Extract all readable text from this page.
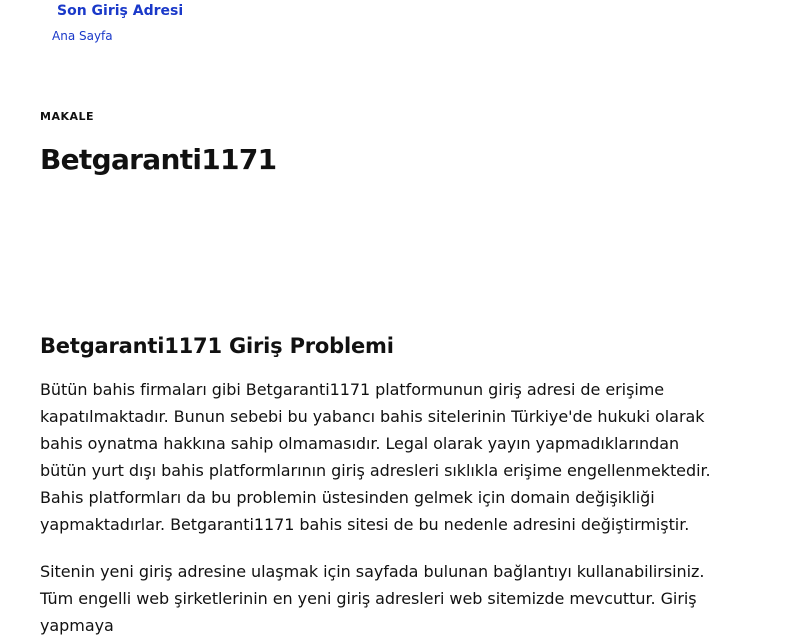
Son Giriş Adresi
Ana Sayfa
MAKALE
Betgaranti1171
Betgaranti1171 Giriş Problemi

Bütün bahis firmaları gibi Betgaranti1171 platformunun giriş adresi de erişime kapatılmaktadır. Bunun sebebi bu yabancı bahis sitelerinin Türkiye'de hukuki olarak bahis oynatma hakkına sahip olmamasıdır. Legal olarak yayın yapmadıklarından bütün yurt dışı bahis platformlarının giriş adresleri sıklıkla erişime engellenmektedir. Bahis platformları da bu problemin üstesinden gelmek için domain değişikliği yapmaktadırlar. Betgaranti1171 bahis sitesi de bu nedenle adresini değiştirmiştir.

Sitenin yeni giriş adresine ulaşmak için sayfada bulunan bağlantıyı kullanabilirsiniz. Tüm engelli web şirketlerinin en yeni giriş adresleri web sitemizde mevcuttur. Giriş yapmaya
